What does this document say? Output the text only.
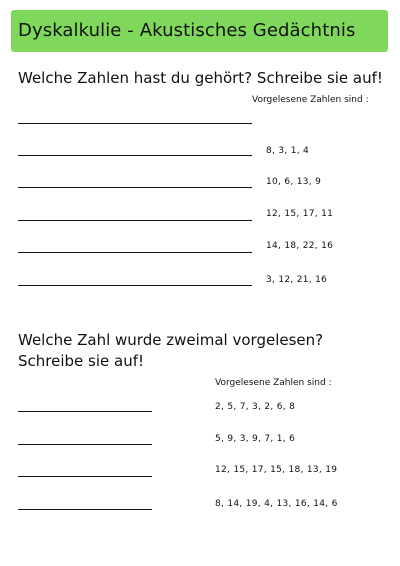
Dyskalkulie - Akustisches Gedächtnis
Welche Zahlen hast du gehört? Schreibe sie auf!
Vorgelesene Zahlen sind :
8, 3, 1, 4
10, 6, 13, 9
12, 15, 17, 11
14, 18, 22, 16
3, 12, 21, 16
Welche Zahl wurde zweimal vorgelesen?
Schreibe sie auf!
Vorgelesene Zahlen sind :
2, 5, 7, 3, 2, 6, 8
5, 9, 3, 9, 7, 1, 6
12, 15, 17, 15, 18, 13, 19
8, 14, 19, 4, 13, 16, 14, 6
